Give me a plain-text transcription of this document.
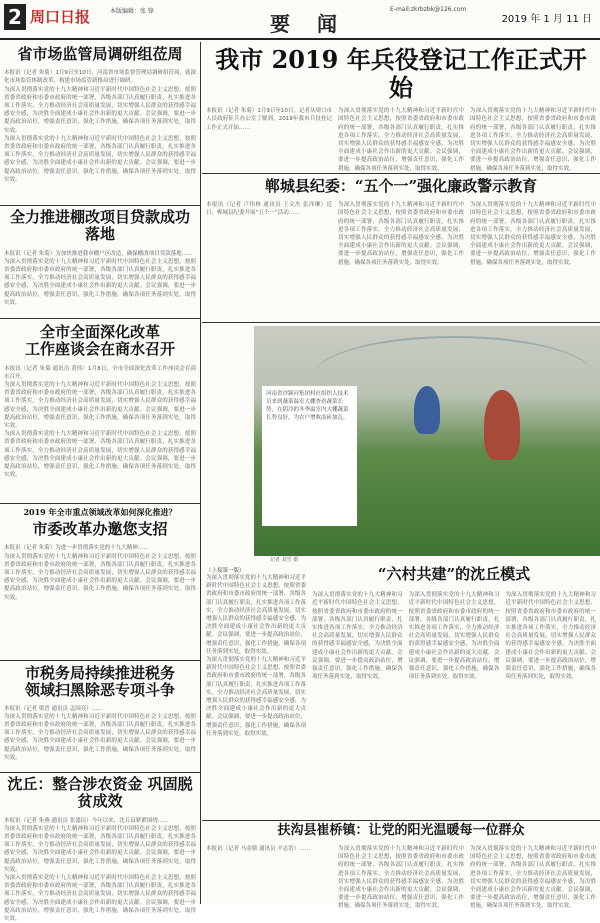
2 周口日报	本版编辑：张 锋
要 闻
E-mail:zkrbzbk@126.com
2019 年 1 月 11 日
省市场监管局调研组莅周
本报讯（记者 朱菊）1月9日至10日，河南省市场监督管理局调研组莅周，就深化市场监管体制改革、构建市场监管新格局进行调研。
为深入贯彻落实党的十九大精神和习近平新时代中国特色社会主义思想，按照省委省政府和市委市政府的统一部署，各级各部门认真履行职责，扎实推进各项工作落实，全力推动经济社会高质量发展，切实增强人民群众的获得感幸福感安全感，为决胜全面建成小康社会作出新的更大贡献。会议强调，要进一步提高政治站位，增强责任意识，强化工作措施，确保各项任务落到实处，取得实效。
为深入贯彻落实党的十九大精神和习近平新时代中国特色社会主义思想，按照省委省政府和市委市政府的统一部署，各级各部门认真履行职责，扎实推进各项工作落实，全力推动经济社会高质量发展，切实增强人民群众的获得感幸福感安全感，为决胜全面建成小康社会作出新的更大贡献。会议强调，要进一步提高政治站位，增强责任意识，强化工作措施，确保各项任务落到实处，取得实效。
全力推进棚改项目贷款成功落地
本报讯（记者 朱菊）为加快推进我市棚户区改造，确保棚改项目贷款落地……
为深入贯彻落实党的十九大精神和习近平新时代中国特色社会主义思想，按照省委省政府和市委市政府的统一部署，各级各部门认真履行职责，扎实推进各项工作落实，全力推动经济社会高质量发展，切实增强人民群众的获得感幸福感安全感，为决胜全面建成小康社会作出新的更大贡献。会议强调，要进一步提高政治站位，增强责任意识，强化工作措施，确保各项任务落到实处，取得实效。
全市全面深化改革
工作座谈会在商水召开
本报讯（记者 朱菊 通讯员 黄伟）1月8日，全市全面深化改革工作座谈会在商水召开。
为深入贯彻落实党的十九大精神和习近平新时代中国特色社会主义思想，按照省委省政府和市委市政府的统一部署，各级各部门认真履行职责，扎实推进各项工作落实，全力推动经济社会高质量发展，切实增强人民群众的获得感幸福感安全感，为决胜全面建成小康社会作出新的更大贡献。会议强调，要进一步提高政治站位，增强责任意识，强化工作措施，确保各项任务落到实处，取得实效。
为深入贯彻落实党的十九大精神和习近平新时代中国特色社会主义思想，按照省委省政府和市委市政府的统一部署，各级各部门认真履行职责，扎实推进各项工作落实，全力推动经济社会高质量发展，切实增强人民群众的获得感幸福感安全感，为决胜全面建成小康社会作出新的更大贡献。会议强调，要进一步提高政治站位，增强责任意识，强化工作措施，确保各项任务落到实处，取得实效。
2019 年全市重点领域改革如何深化推进？
市委改革办邀您支招
本报讯（记者 朱菊）为进一步贯彻落实党的十九大精神……
为深入贯彻落实党的十九大精神和习近平新时代中国特色社会主义思想，按照省委省政府和市委市政府的统一部署，各级各部门认真履行职责，扎实推进各项工作落实，全力推动经济社会高质量发展，切实增强人民群众的获得感幸福感安全感，为决胜全面建成小康社会作出新的更大贡献。会议强调，要进一步提高政治站位，增强责任意识，强化工作措施，确保各项任务落到实处，取得实效。
市税务局持续推进税务
领域扫黑除恶专项斗争
本报讯（记者 梁晋 通讯员 孟国亮）……
为深入贯彻落实党的十九大精神和习近平新时代中国特色社会主义思想，按照省委省政府和市委市政府的统一部署，各级各部门认真履行职责，扎实推进各项工作落实，全力推动经济社会高质量发展，切实增强人民群众的获得感幸福感安全感，为决胜全面建成小康社会作出新的更大贡献。会议强调，要进一步提高政治站位，增强责任意识，强化工作措施，确保各项任务落到实处，取得实效。
沈丘：整合涉农资金 巩固脱贫成效
本报讯（记者 朱燕 通讯员 张盛民）今年以来，沈丘县紧紧围绕……
为深入贯彻落实党的十九大精神和习近平新时代中国特色社会主义思想，按照省委省政府和市委市政府的统一部署，各级各部门认真履行职责，扎实推进各项工作落实，全力推动经济社会高质量发展，切实增强人民群众的获得感幸福感安全感，为决胜全面建成小康社会作出新的更大贡献。会议强调，要进一步提高政治站位，增强责任意识，强化工作措施，确保各项任务落到实处，取得实效。
为深入贯彻落实党的十九大精神和习近平新时代中国特色社会主义思想，按照省委省政府和市委市政府的统一部署，各级各部门认真履行职责，扎实推进各项工作落实，全力推动经济社会高质量发展，切实增强人民群众的获得感幸福感安全感，为决胜全面建成小康社会作出新的更大贡献。会议强调，要进一步提高政治站位，增强责任意识，强化工作措施，确保各项任务落到实处，取得实效。
我市 2019 年兵役登记工作正式开始
本报讯（记者 朱菊）1月9日至10日，记者从周口市人民政府征兵办公室了解到，2019年我市兵役登记工作正式开始……
为深入贯彻落实党的十九大精神和习近平新时代中国特色社会主义思想，按照省委省政府和市委市政府的统一部署，各级各部门认真履行职责，扎实推进各项工作落实，全力推动经济社会高质量发展，切实增强人民群众的获得感幸福感安全感，为决胜全面建成小康社会作出新的更大贡献。会议强调，要进一步提高政治站位，增强责任意识，强化工作措施，确保各项任务落到实处，取得实效。
为深入贯彻落实党的十九大精神和习近平新时代中国特色社会主义思想，按照省委省政府和市委市政府的统一部署，各级各部门认真履行职责，扎实推进各项工作落实，全力推动经济社会高质量发展，切实增强人民群众的获得感幸福感安全感，为决胜全面建成小康社会作出新的更大贡献。会议强调，要进一步提高政治站位，增强责任意识，强化工作措施，确保各项任务落到实处，取得实效。
郸城县纪委：“五个一”强化廉政警示教育
本报讯（记者 卢伟林 通讯员 王文杰 张泽琳）近日，郸城县纪委开展“五个一”活动……
为深入贯彻落实党的十九大精神和习近平新时代中国特色社会主义思想，按照省委省政府和市委市政府的统一部署，各级各部门认真履行职责，扎实推进各项工作落实，全力推动经济社会高质量发展，切实增强人民群众的获得感幸福感安全感，为决胜全面建成小康社会作出新的更大贡献。会议强调，要进一步提高政治站位，增强责任意识，强化工作措施，确保各项任务落到实处，取得实效。
为深入贯彻落实党的十九大精神和习近平新时代中国特色社会主义思想，按照省委省政府和市委市政府的统一部署，各级各部门认真履行职责，扎实推进各项工作落实，全力推动经济社会高质量发展，切实增强人民群众的获得感幸福感安全感，为决胜全面建成小康社会作出新的更大贡献。会议强调，要进一步提高政治站位，增强责任意识，强化工作措施，确保各项任务落到实处，取得实效。
河南省沙颍河集团村社组织人技术员来到蔬菜温室大棚查看蔬菜长势，在阴冷的冬季温室内大棚蔬菜长势良好，为农户增收添砖加瓦。
记者 刘雪 摄
（上接第一版）
为深入贯彻落实党的十九大精神和习近平新时代中国特色社会主义思想，按照省委省政府和市委市政府的统一部署，各级各部门认真履行职责，扎实推进各项工作落实，全力推动经济社会高质量发展，切实增强人民群众的获得感幸福感安全感，为决胜全面建成小康社会作出新的更大贡献。会议强调，要进一步提高政治站位，增强责任意识，强化工作措施，确保各项任务落到实处，取得实效。
为深入贯彻落实党的十九大精神和习近平新时代中国特色社会主义思想，按照省委省政府和市委市政府的统一部署，各级各部门认真履行职责，扎实推进各项工作落实，全力推动经济社会高质量发展，切实增强人民群众的获得感幸福感安全感，为决胜全面建成小康社会作出新的更大贡献。会议强调，要进一步提高政治站位，增强责任意识，强化工作措施，确保各项任务落到实处，取得实效。
“六村共建”的沈丘模式
为深入贯彻落实党的十九大精神和习近平新时代中国特色社会主义思想，按照省委省政府和市委市政府的统一部署，各级各部门认真履行职责，扎实推进各项工作落实，全力推动经济社会高质量发展，切实增强人民群众的获得感幸福感安全感，为决胜全面建成小康社会作出新的更大贡献。会议强调，要进一步提高政治站位，增强责任意识，强化工作措施，确保各项任务落到实处，取得实效。
为深入贯彻落实党的十九大精神和习近平新时代中国特色社会主义思想，按照省委省政府和市委市政府的统一部署，各级各部门认真履行职责，扎实推进各项工作落实，全力推动经济社会高质量发展，切实增强人民群众的获得感幸福感安全感，为决胜全面建成小康社会作出新的更大贡献。会议强调，要进一步提高政治站位，增强责任意识，强化工作措施，确保各项任务落到实处，取得实效。
为深入贯彻落实党的十九大精神和习近平新时代中国特色社会主义思想，按照省委省政府和市委市政府的统一部署，各级各部门认真履行职责，扎实推进各项工作落实，全力推动经济社会高质量发展，切实增强人民群众的获得感幸福感安全感，为决胜全面建成小康社会作出新的更大贡献。会议强调，要进一步提高政治站位，增强责任意识，强化工作措施，确保各项任务落到实处，取得实效。
扶沟县崔桥镇：让党的阳光温暖每一位群众
本报讯（记者 马金鼎 通讯员 辛志浩）……	为深入贯彻落实党的十九大精神和习近平新时代中国特色社会主义思想，按照省委省政府和市委市政府的统一部署，各级各部门认真履行职责，扎实推进各项工作落实，全力推动经济社会高质量发展，切实增强人民群众的获得感幸福感安全感，为决胜全面建成小康社会作出新的更大贡献。会议强调，要进一步提高政治站位，增强责任意识，强化工作措施，确保各项任务落到实处，取得实效。
为深入贯彻落实党的十九大精神和习近平新时代中国特色社会主义思想，按照省委省政府和市委市政府的统一部署，各级各部门认真履行职责，扎实推进各项工作落实，全力推动经济社会高质量发展，切实增强人民群众的获得感幸福感安全感，为决胜全面建成小康社会作出新的更大贡献。会议强调，要进一步提高政治站位，增强责任意识，强化工作措施，确保各项任务落到实处，取得实效。
